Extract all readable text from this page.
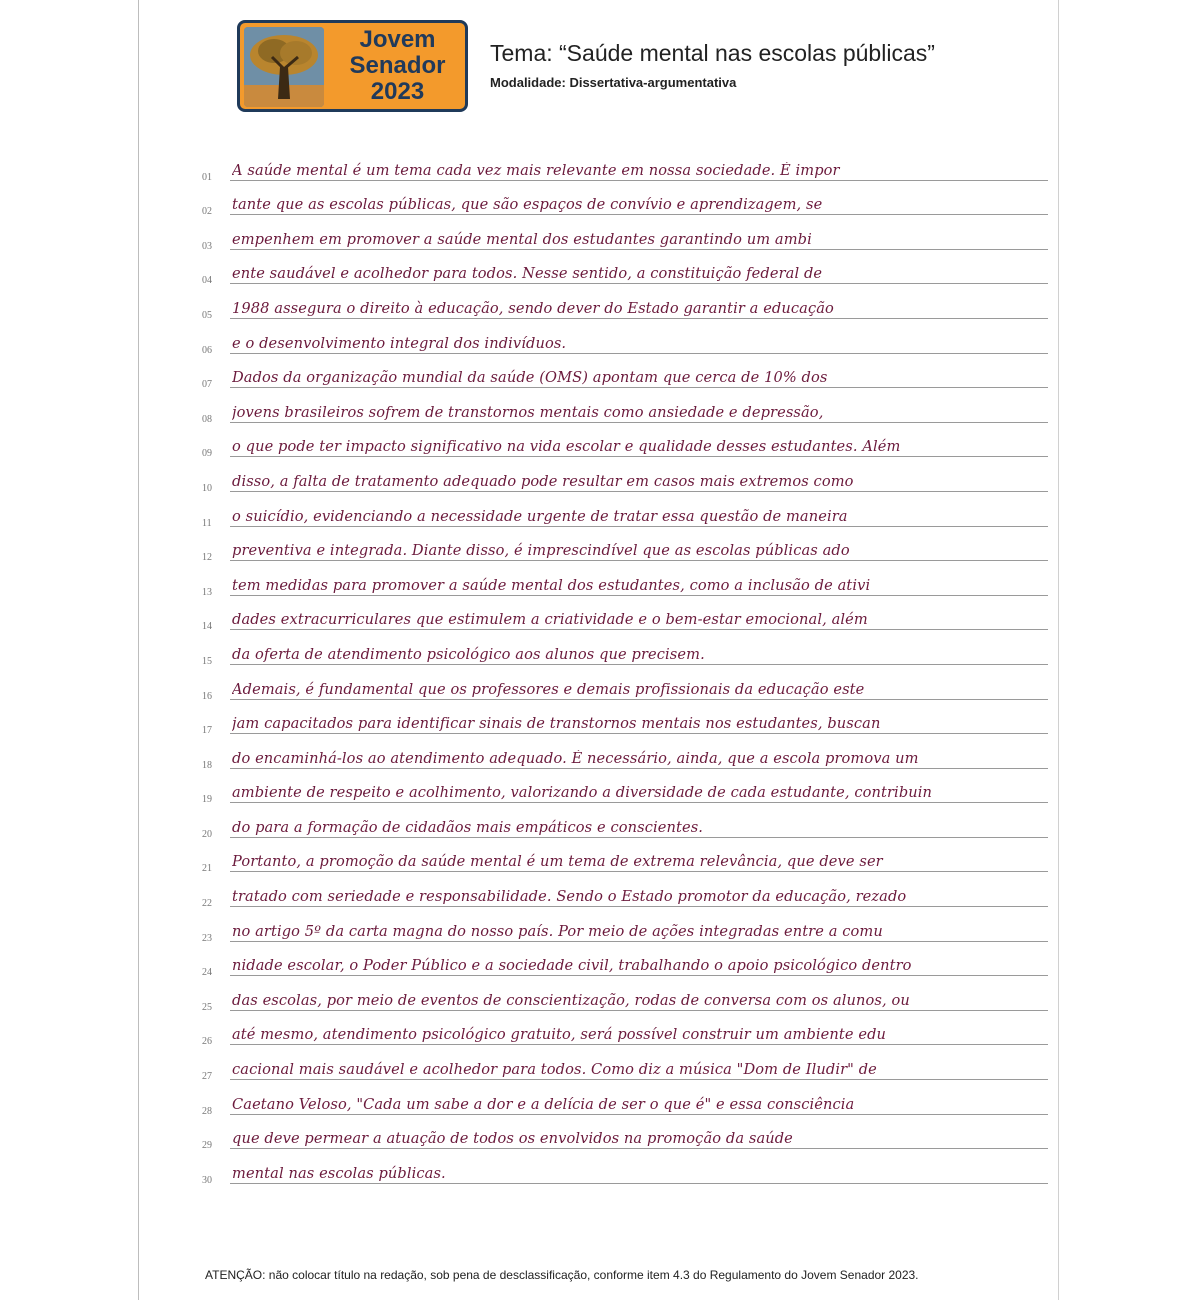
Jovem
Senador
2023
Tema: “Saúde mental nas escolas públicas”
Modalidade: Dissertativa-argumentativa
01	A saúde mental é um tema cada vez mais relevante em nossa sociedade. É impor
02	tante que as escolas públicas, que são espaços de convívio e aprendizagem, se
03	empenhem em promover a saúde mental dos estudantes garantindo um ambi
04	ente saudável e acolhedor para todos. Nesse sentido, a constituição federal de
05	1988 assegura o direito à educação, sendo dever do Estado garantir a educação
06	e o desenvolvimento integral dos indivíduos.
07	Dados da organização mundial da saúde (OMS) apontam que cerca de 10% dos
08	jovens brasileiros sofrem de transtornos mentais como ansiedade e depressão,
09	o que pode ter impacto significativo na vida escolar e qualidade desses estudantes. Além
10	disso, a falta de tratamento adequado pode resultar em casos mais extremos como
11	o suicídio, evidenciando a necessidade urgente de tratar essa questão de maneira
12	preventiva e integrada. Diante disso, é imprescindível que as escolas públicas ado
13	tem medidas para promover a saúde mental dos estudantes, como a inclusão de ativi
14	dades extracurriculares que estimulem a criatividade e o bem-estar emocional, além
15	da oferta de atendimento psicológico aos alunos que precisem.
16	Ademais, é fundamental que os professores e demais profissionais da educação este
17	jam capacitados para identificar sinais de transtornos mentais nos estudantes, buscan
18	do encaminhá-los ao atendimento adequado. É necessário, ainda, que a escola promova um
19	ambiente de respeito e acolhimento, valorizando a diversidade de cada estudante, contribuin
20	do para a formação de cidadãos mais empáticos e conscientes.
21	Portanto, a promoção da saúde mental é um tema de extrema relevância, que deve ser
22	tratado com seriedade e responsabilidade. Sendo o Estado promotor da educação, rezado
23	no artigo 5º da carta magna do nosso país. Por meio de ações integradas entre a comu
24	nidade escolar, o Poder Público e a sociedade civil, trabalhando o apoio psicológico dentro
25	das escolas, por meio de eventos de conscientização, rodas de conversa com os alunos, ou
26	até mesmo, atendimento psicológico gratuito, será possível construir um ambiente edu
27	cacional mais saudável e acolhedor para todos. Como diz a música "Dom de Iludir" de
28	Caetano Veloso, "Cada um sabe a dor e a delícia de ser o que é" e essa consciência
29	que deve permear a atuação de todos os envolvidos na promoção da saúde
30	mental nas escolas públicas.
ATENÇÃO: não colocar título na redação, sob pena de desclassificação, conforme item 4.3 do Regulamento do Jovem Senador 2023.
